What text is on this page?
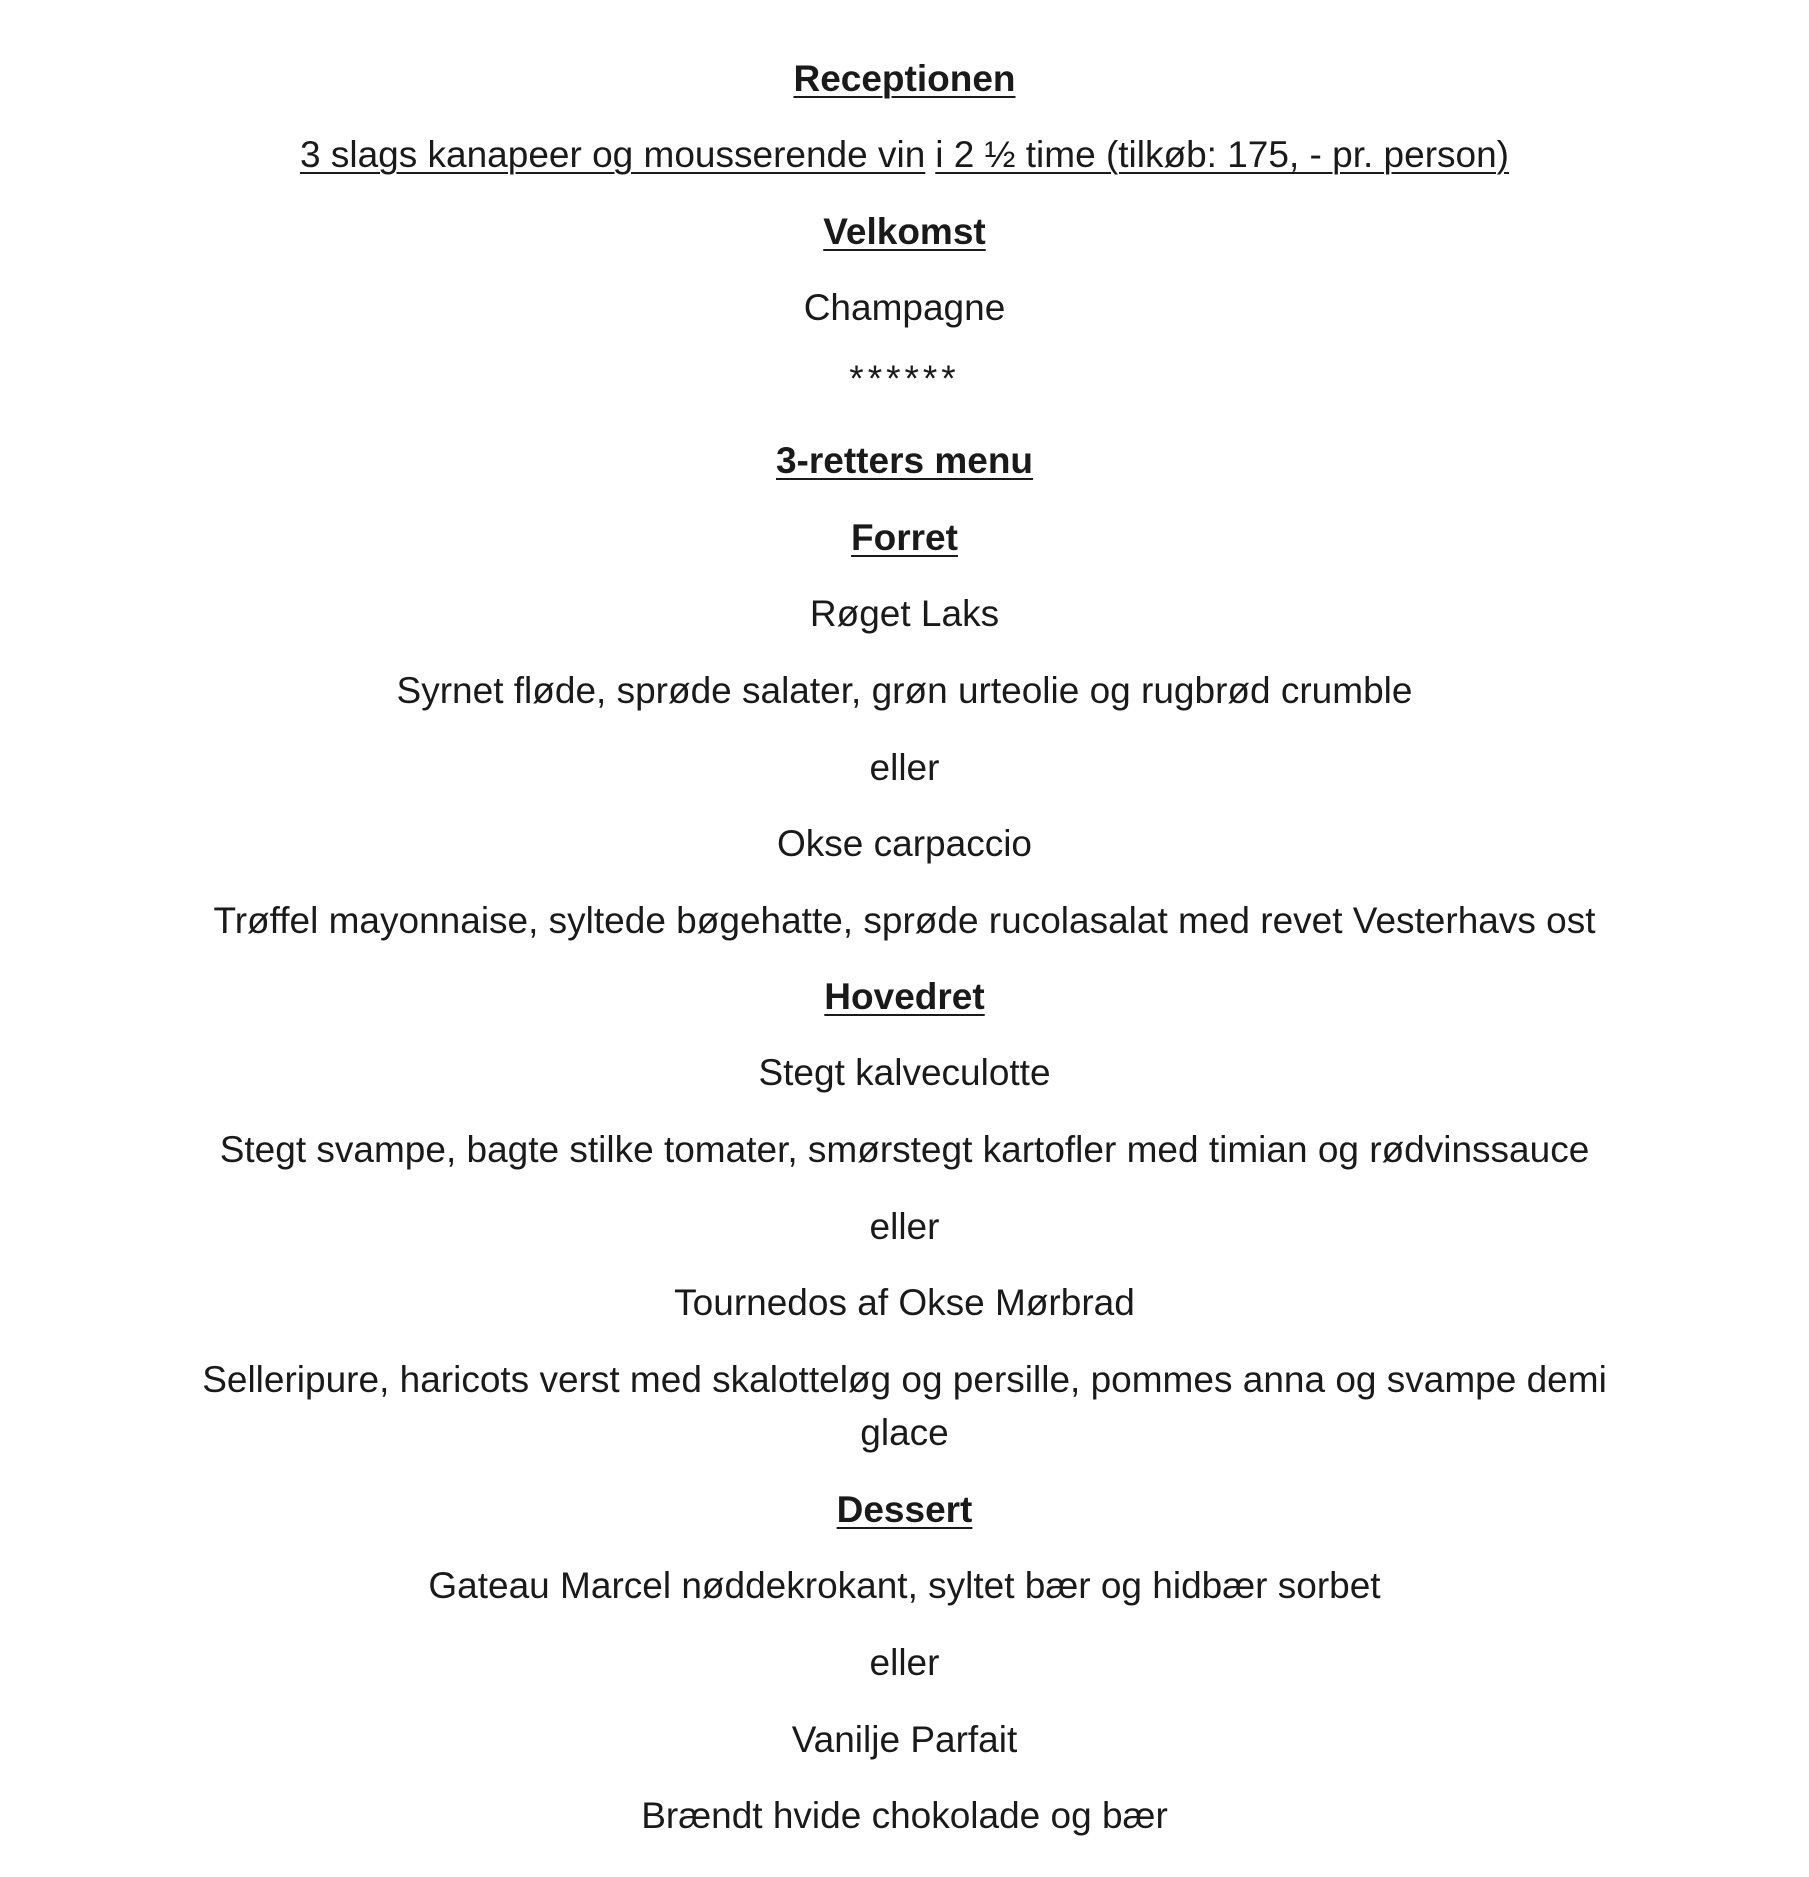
Receptionen
3 slags kanapeer og mousserende vin i 2 ½ time (tilkøb: 175, - pr. person)
Velkomst
Champagne
******
3-retters menu
Forret
Røget Laks
Syrnet fløde, sprøde salater, grøn urteolie og rugbrød crumble
eller
Okse carpaccio
Trøffel mayonnaise, syltede bøgehatte, sprøde rucolasalat med revet Vesterhavs ost
Hovedret
Stegt kalveculotte
Stegt svampe, bagte stilke tomater, smørstegt kartofler med timian og rødvinssauce
eller
Tournedos af Okse Mørbrad
Selleripure, haricots verst med skalotteløg og persille, pommes anna og svampe demi
glace
Dessert
Gateau Marcel nøddekrokant, syltet bær og hidbær sorbet
eller
Vanilje Parfait
Brændt hvide chokolade og bær
